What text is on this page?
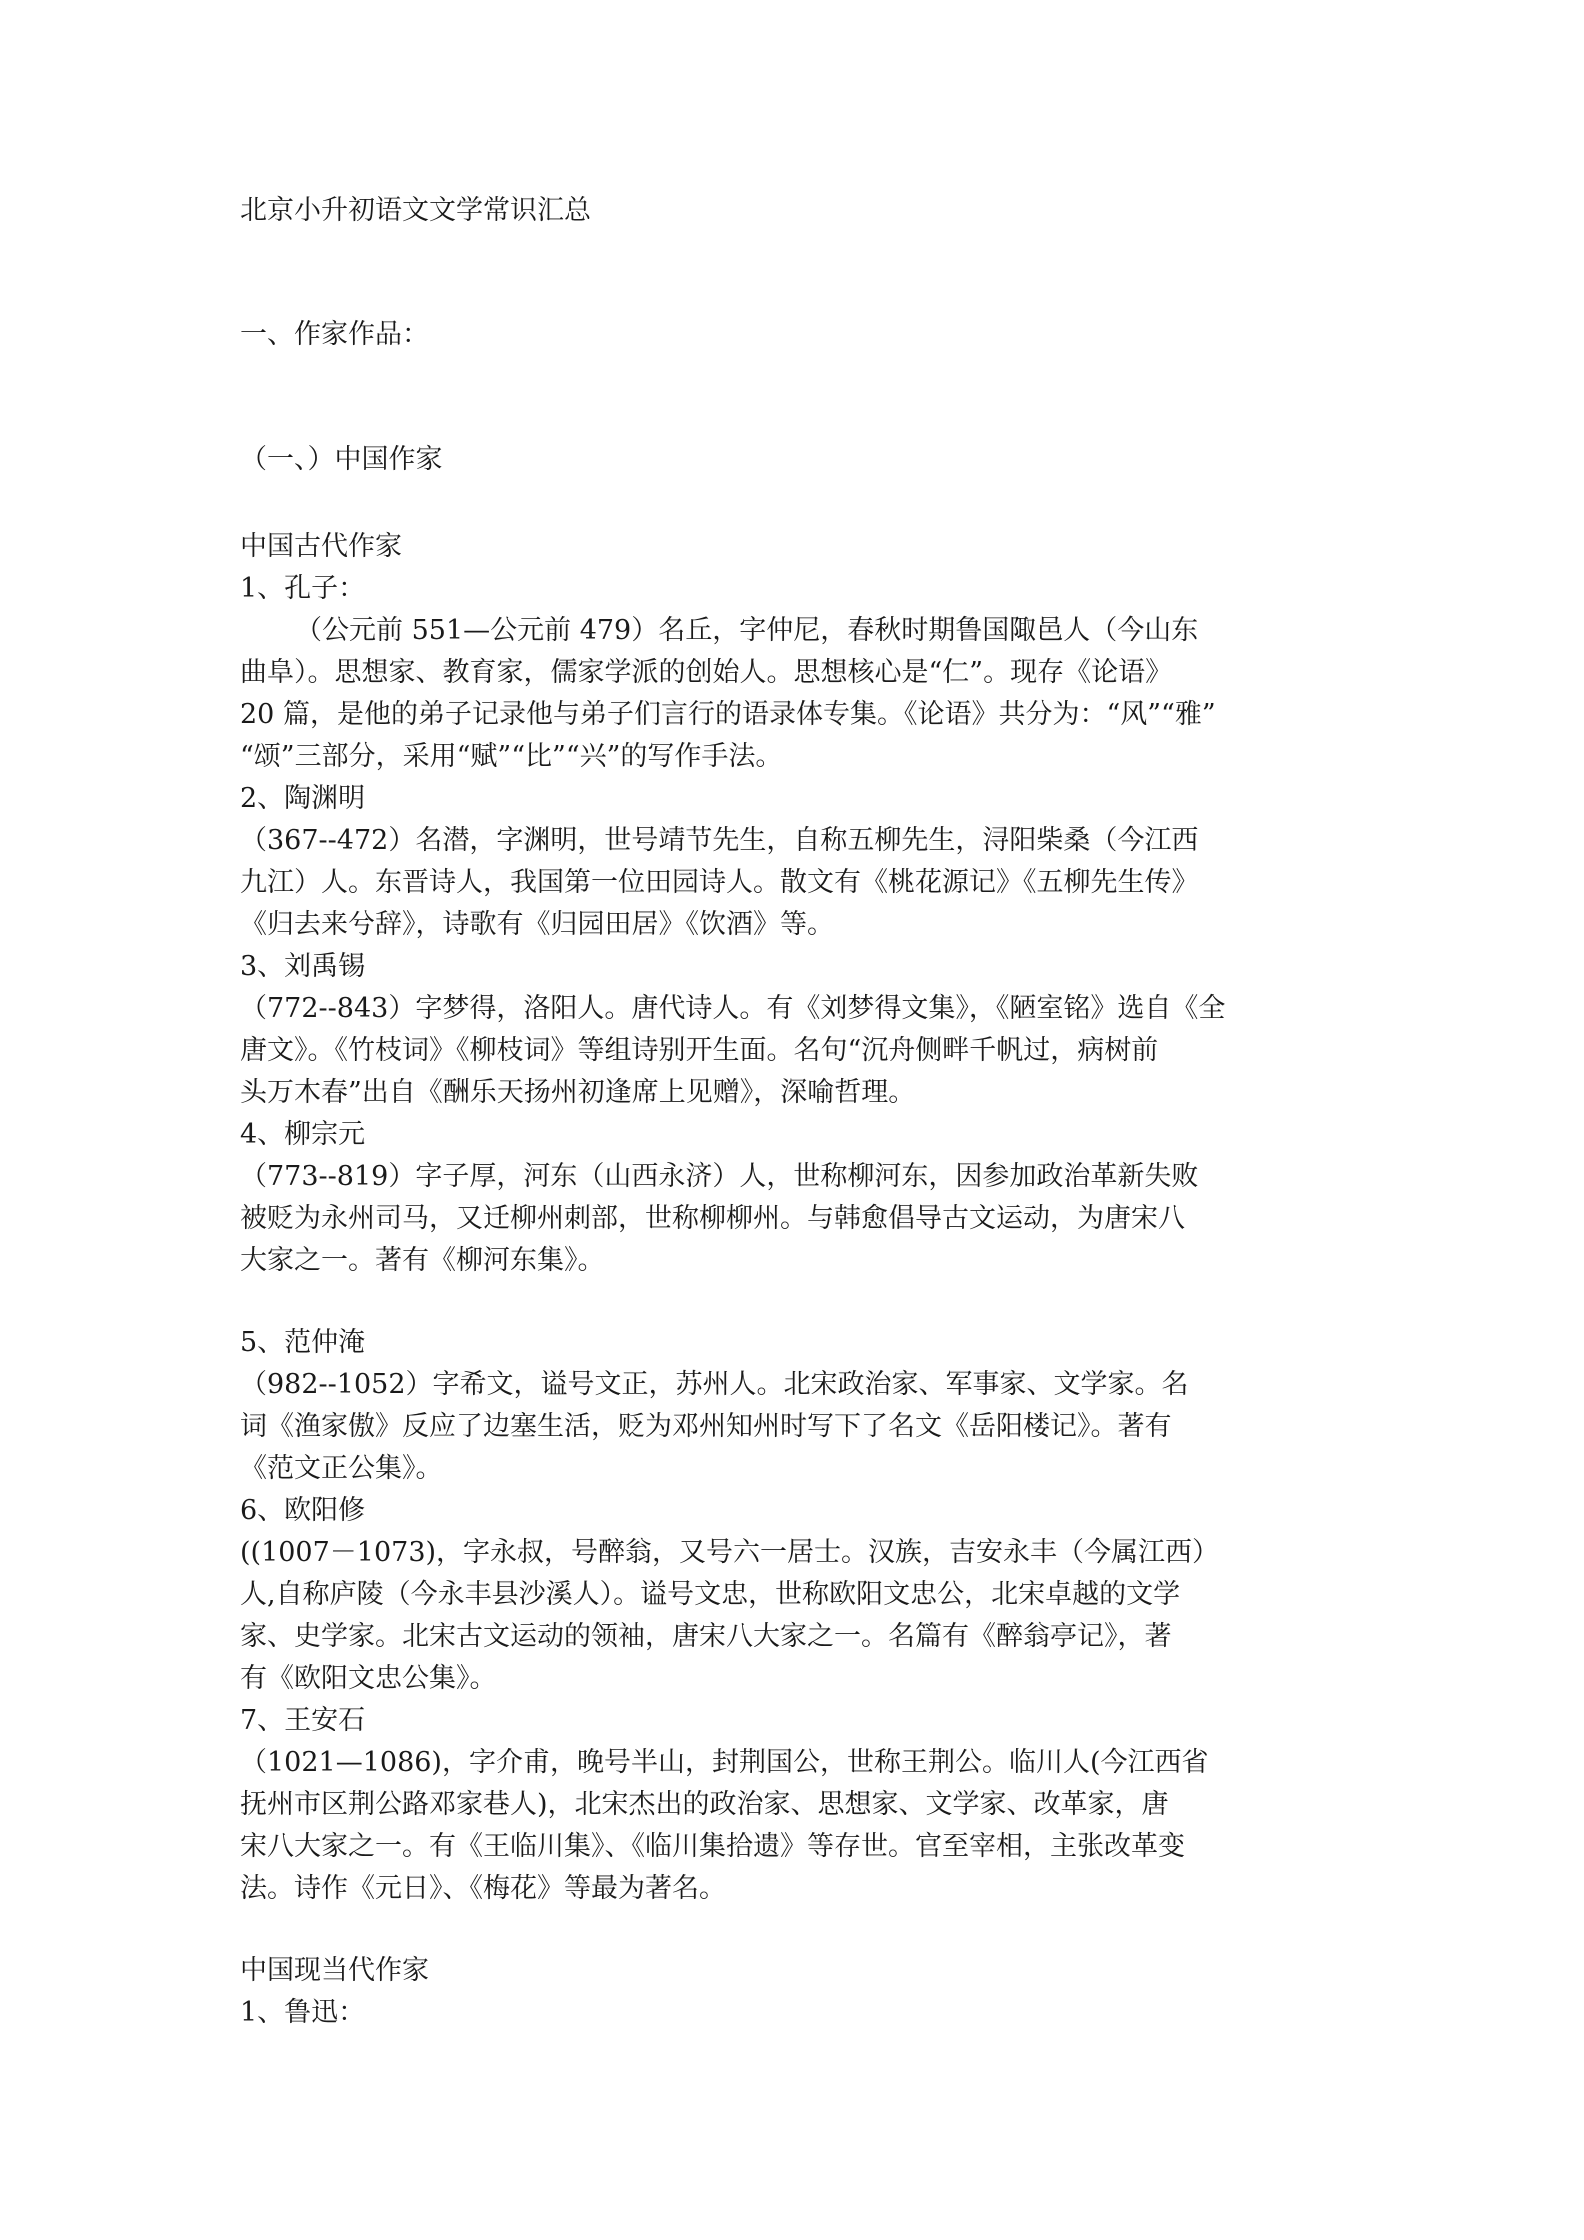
北京小升初语文文学常识汇总
一、作家作品：
（一、）中国作家
中国古代作家
1、孔子：
（公元前 551—公元前 479）名丘，字仲尼，春秋时期鲁国陬邑人（今山东
曲阜）。思想家、教育家，儒家学派的创始人。思想核心是“仁”。现存《论语》
20 篇，是他的弟子记录他与弟子们言行的语录体专集。《论语》共分为：“风”“雅”
“颂”三部分，采用“赋”“比”“兴”的写作手法。
2、陶渊明
（367--472）名潜，字渊明，世号靖节先生，自称五柳先生，浔阳柴桑（今江西
九江）人。东晋诗人，我国第一位田园诗人。散文有《桃花源记》《五柳先生传》
《归去来兮辞》，诗歌有《归园田居》《饮酒》等。
3、刘禹锡
（772--843）字梦得，洛阳人。唐代诗人。有《刘梦得文集》，《陋室铭》选自《全
唐文》。《竹枝词》《柳枝词》等组诗别开生面。名句“沉舟侧畔千帆过，病树前
头万木春”出自《酬乐天扬州初逢席上见赠》，深喻哲理。
4、柳宗元
（773--819）字子厚，河东（山西永济）人，世称柳河东，因参加政治革新失败
被贬为永州司马，又迁柳州刺部，世称柳柳州。与韩愈倡导古文运动，为唐宋八
大家之一。著有《柳河东集》。
5、范仲淹
（982--1052）字希文，谥号文正，苏州人。北宋政治家、军事家、文学家。名
词《渔家傲》反应了边塞生活，贬为邓州知州时写下了名文《岳阳楼记》。著有
《范文正公集》。
6、欧阳修
((1007－1073)，字永叔，号醉翁，又号六一居士。汉族，吉安永丰（今属江西）
人,自称庐陵（今永丰县沙溪人）。谥号文忠，世称欧阳文忠公，北宋卓越的文学
家、史学家。北宋古文运动的领袖，唐宋八大家之一。名篇有《醉翁亭记》，著
有《欧阳文忠公集》。
7、王安石
（1021—1086)，字介甫，晚号半山，封荆国公，世称王荆公。临川人(今江西省
抚州市区荆公路邓家巷人)，北宋杰出的政治家、思想家、文学家、改革家，唐
宋八大家之一。有《王临川集》、《临川集拾遗》等存世。官至宰相，主张改革变
法。诗作《元日》、《梅花》等最为著名。
中国现当代作家
1、鲁迅：
